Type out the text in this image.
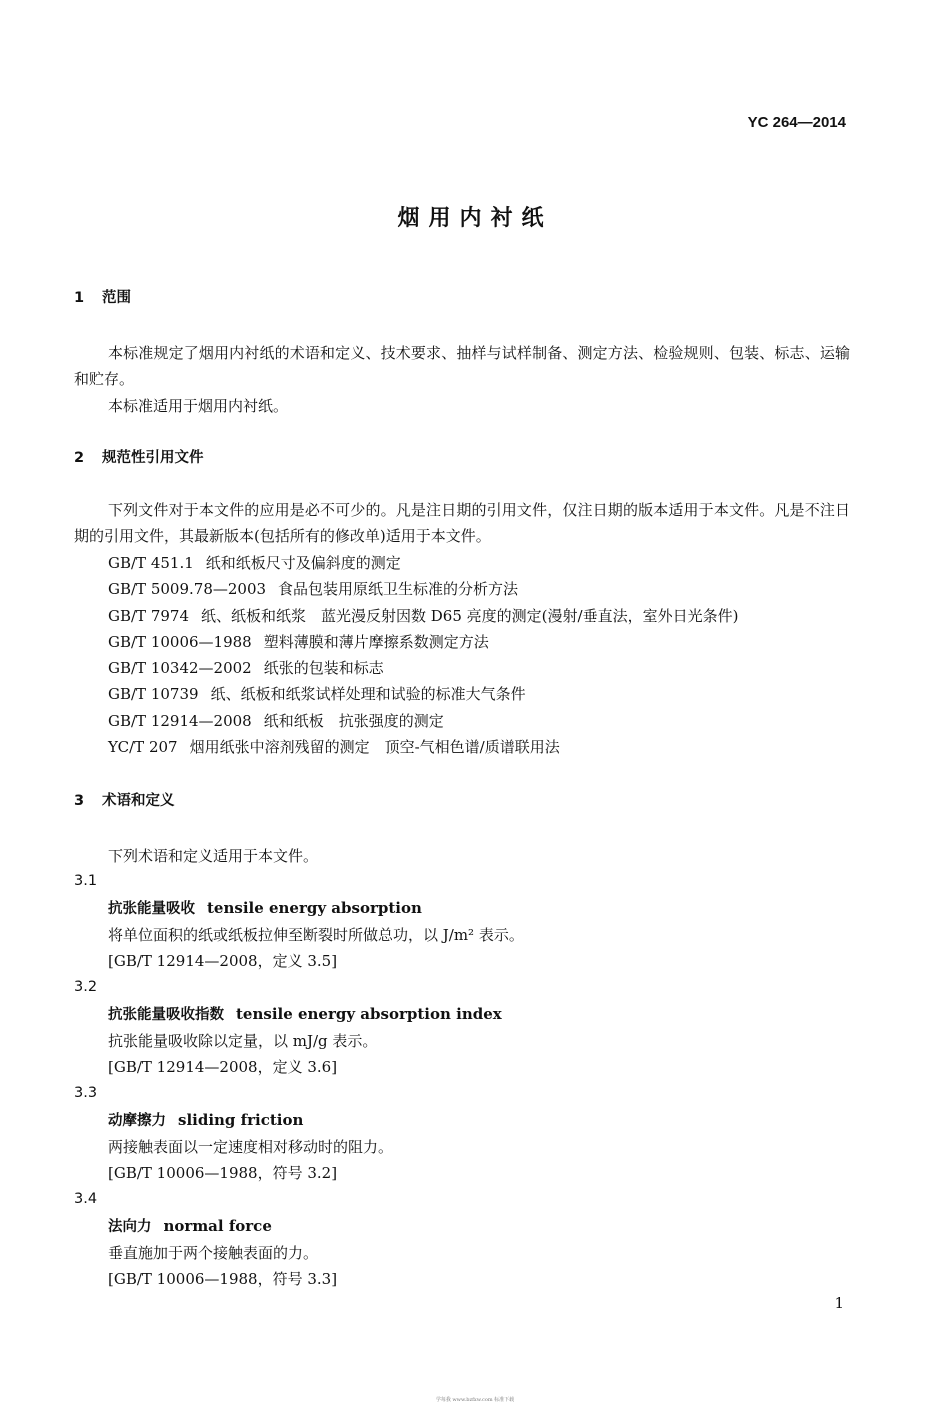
YC 264—2014
烟用内衬纸
1 范围
本标准规定了烟用内衬纸的术语和定义、技术要求、抽样与试样制备、测定方法、检验规则、包装、标志、运输和贮存。
本标准适用于烟用内衬纸。
2 规范性引用文件
下列文件对于本文件的应用是必不可少的。凡是注日期的引用文件，仅注日期的版本适用于本文件。凡是不注日期的引用文件，其最新版本(包括所有的修改单)适用于本文件。
GB/T 451.1 纸和纸板尺寸及偏斜度的测定
GB/T 5009.78—2003 食品包装用原纸卫生标准的分析方法
GB/T 7974 纸、纸板和纸浆　蓝光漫反射因数 D65 亮度的测定(漫射/垂直法，室外日光条件)
GB/T 10006—1988 塑料薄膜和薄片摩擦系数测定方法
GB/T 10342—2002 纸张的包装和标志
GB/T 10739 纸、纸板和纸浆试样处理和试验的标准大气条件
GB/T 12914—2008 纸和纸板　抗张强度的测定
YC/T 207 烟用纸张中溶剂残留的测定　顶空-气相色谱/质谱联用法
3 术语和定义
下列术语和定义适用于本文件。
3.1
抗张能量吸收 tensile energy absorption
将单位面积的纸或纸板拉伸至断裂时所做总功，以 J/m² 表示。
[GB/T 12914—2008，定义 3.5]
3.2
抗张能量吸收指数 tensile energy absorption index
抗张能量吸收除以定量，以 mJ/g 表示。
[GB/T 12914—2008，定义 3.6]
3.3
动摩擦力 sliding friction
两接触表面以一定速度相对移动时的阻力。
[GB/T 10006—1988，符号 3.2]
3.4
法向力 normal force
垂直施加于两个接触表面的力。
[GB/T 10006—1988，符号 3.3]
1
学每我 www.bzfxw.com 标准下载
